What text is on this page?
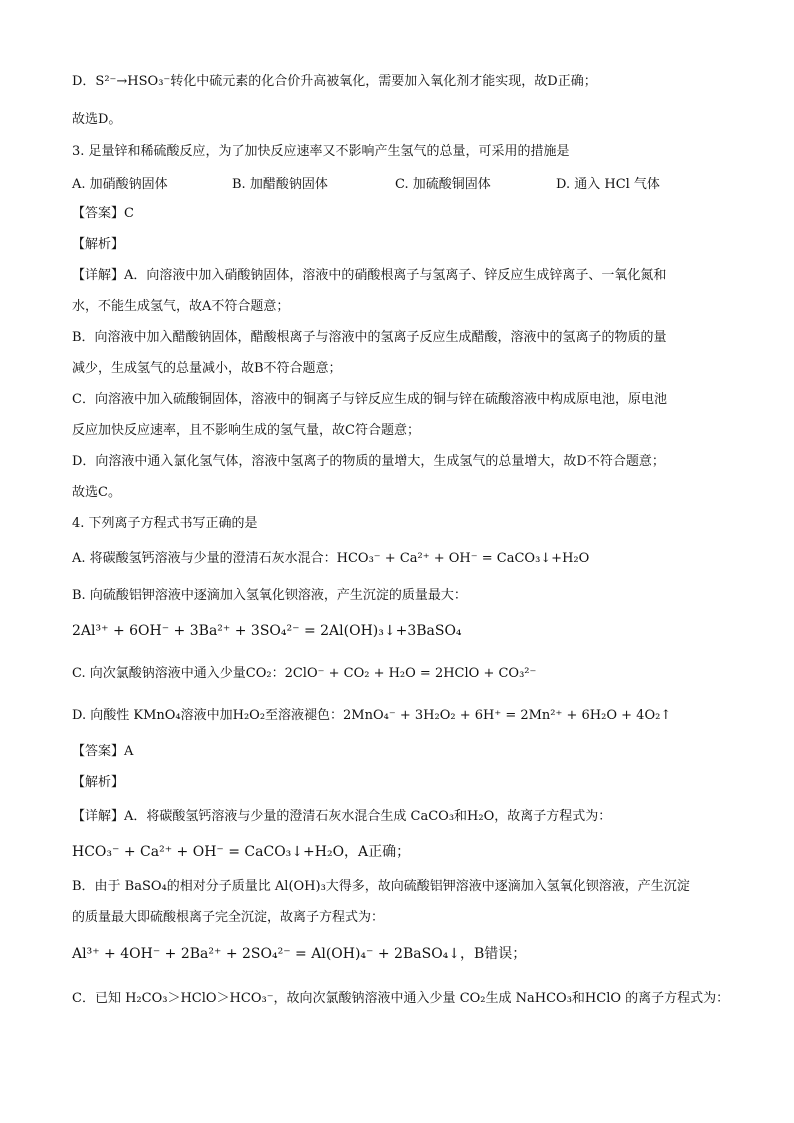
D．S²⁻→HSO₃⁻转化中硫元素的化合价升高被氧化，需要加入氧化剂才能实现，故D正确；
故选D。
3. 足量锌和稀硫酸反应，为了加快反应速率又不影响产生氢气的总量，可采用的措施是
A. 加硝酸钠固体	B. 加醋酸钠固体	C. 加硫酸铜固体	D. 通入 HCl 气体
【答案】C
【解析】
【详解】A．向溶液中加入硝酸钠固体，溶液中的硝酸根离子与氢离子、锌反应生成锌离子、一氧化氮和
水，不能生成氢气，故A不符合题意；
B．向溶液中加入醋酸钠固体，醋酸根离子与溶液中的氢离子反应生成醋酸，溶液中的氢离子的物质的量
减少，生成氢气的总量减小，故B不符合题意；
C．向溶液中加入硫酸铜固体，溶液中的铜离子与锌反应生成的铜与锌在硫酸溶液中构成原电池，原电池
反应加快反应速率，且不影响生成的氢气量，故C符合题意；
D．向溶液中通入氯化氢气体，溶液中氢离子的物质的量增大，生成氢气的总量增大，故D不符合题意；
故选C。
4. 下列离子方程式书写正确的是
A. 将碳酸氢钙溶液与少量的澄清石灰水混合：HCO₃⁻ + Ca²⁺ + OH⁻ = CaCO₃↓+H₂O
B. 向硫酸铝钾溶液中逐滴加入氢氧化钡溶液，产生沉淀的质量最大：
2Al³⁺ + 6OH⁻ + 3Ba²⁺ + 3SO₄²⁻ = 2Al(OH)₃↓+3BaSO₄
C. 向次氯酸钠溶液中通入少量CO₂：2ClO⁻ + CO₂ + H₂O = 2HClO + CO₃²⁻
D. 向酸性 KMnO₄溶液中加H₂O₂至溶液褪色：2MnO₄⁻ + 3H₂O₂ + 6H⁺ = 2Mn²⁺ + 6H₂O + 4O₂↑
【答案】A
【解析】
【详解】A．将碳酸氢钙溶液与少量的澄清石灰水混合生成 CaCO₃和H₂O，故离子方程式为：
HCO₃⁻ + Ca²⁺ + OH⁻ = CaCO₃↓+H₂O，A正确；
B．由于 BaSO₄的相对分子质量比 Al(OH)₃大得多，故向硫酸铝钾溶液中逐滴加入氢氧化钡溶液，产生沉淀
的质量最大即硫酸根离子完全沉淀，故离子方程式为：
Al³⁺ + 4OH⁻ + 2Ba²⁺ + 2SO₄²⁻ = Al(OH)₄⁻ + 2BaSO₄↓，B错误；
C．已知 H₂CO₃＞HClO＞HCO₃⁻，故向次氯酸钠溶液中通入少量 CO₂生成 NaHCO₃和HClO 的离子方程式为：
